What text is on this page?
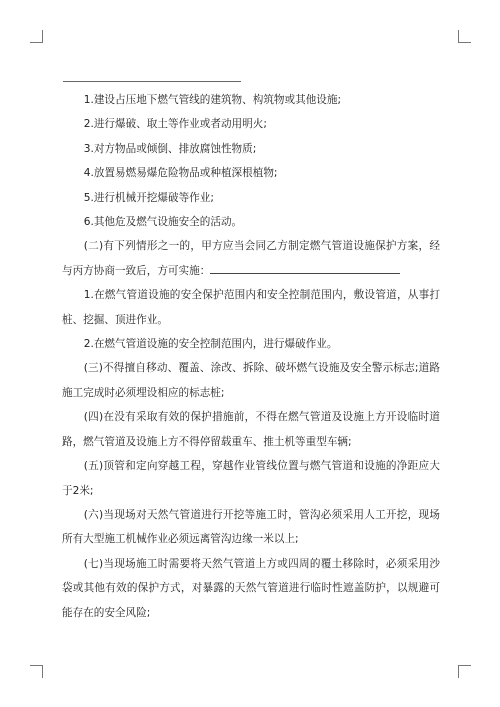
1.建设占压地下燃气管线的建筑物、构筑物或其他设施;

2.进行爆破、取土等作业或者动用明火;

3.对方物品或倾倒、排放腐蚀性物质;

4.放置易燃易爆危险物品或种植深根植物;

5.进行机械开挖爆破等作业;

6.其他危及燃气设施安全的活动。

(二)有下列情形之一的，甲方应当会同乙方制定燃气管道设施保护方案，经与丙方协商一致后，方可实施：

1.在燃气管道设施的安全保护范围内和安全控制范围内，敷设管道，从事打桩、挖掘、顶进作业。

2.在燃气管道设施的安全控制范围内，进行爆破作业。

(三)不得擅自移动、覆盖、涂改、拆除、破坏燃气设施及安全警示标志;道路施工完成时必须埋设相应的标志桩;

(四)在没有采取有效的保护措施前，不得在燃气管道及设施上方开设临时道路，燃气管道及设施上方不得停留载重车、推土机等重型车辆;

(五)顶管和定向穿越工程，穿越作业管线位置与燃气管道和设施的净距应大于2米;

(六)当现场对天然气管道进行开挖等施工时，管沟必须采用人工开挖，现场所有大型施工机械作业必须远离管沟边缘一米以上;

(七)当现场施工时需要将天然气管道上方或四周的覆土移除时，必须采用沙袋或其他有效的保护方式，对暴露的天然气管道进行临时性遮盖防护，以规避可能存在的安全风险;
